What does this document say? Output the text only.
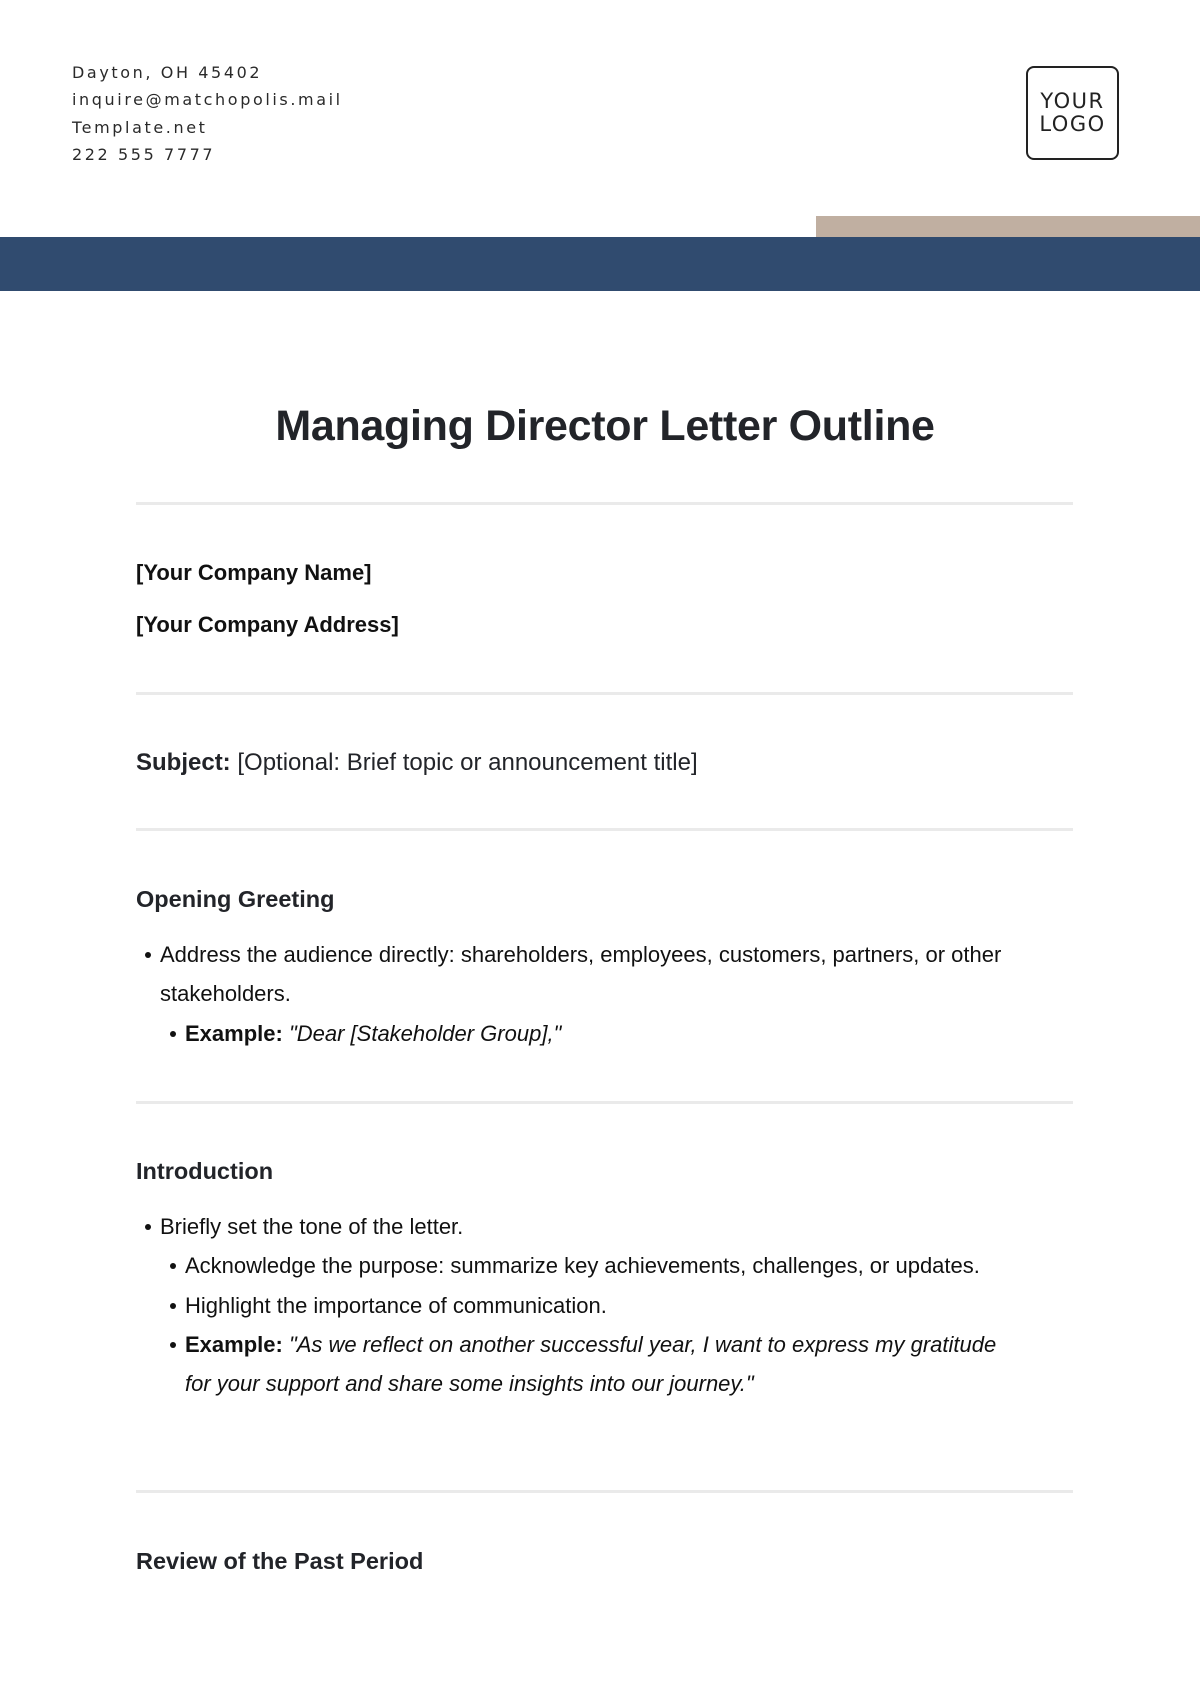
Dayton, OH 45402
inquire@matchopolis.mail
Template.net
222 555 7777
YOUR
LOGO
Managing Director Letter Outline
[Your Company Name]
[Your Company Address]
Subject: [Optional: Brief topic or announcement title]
Opening Greeting
Address the audience directly: shareholders, employees, customers, partners, or other stakeholders.
Example: "Dear [Stakeholder Group],"
Introduction
Briefly set the tone of the letter.
Acknowledge the purpose: summarize key achievements, challenges, or updates.
Highlight the importance of communication.
Example: "As we reflect on another successful year, I want to express my gratitude for your support and share some insights into our journey."
Review of the Past Period
